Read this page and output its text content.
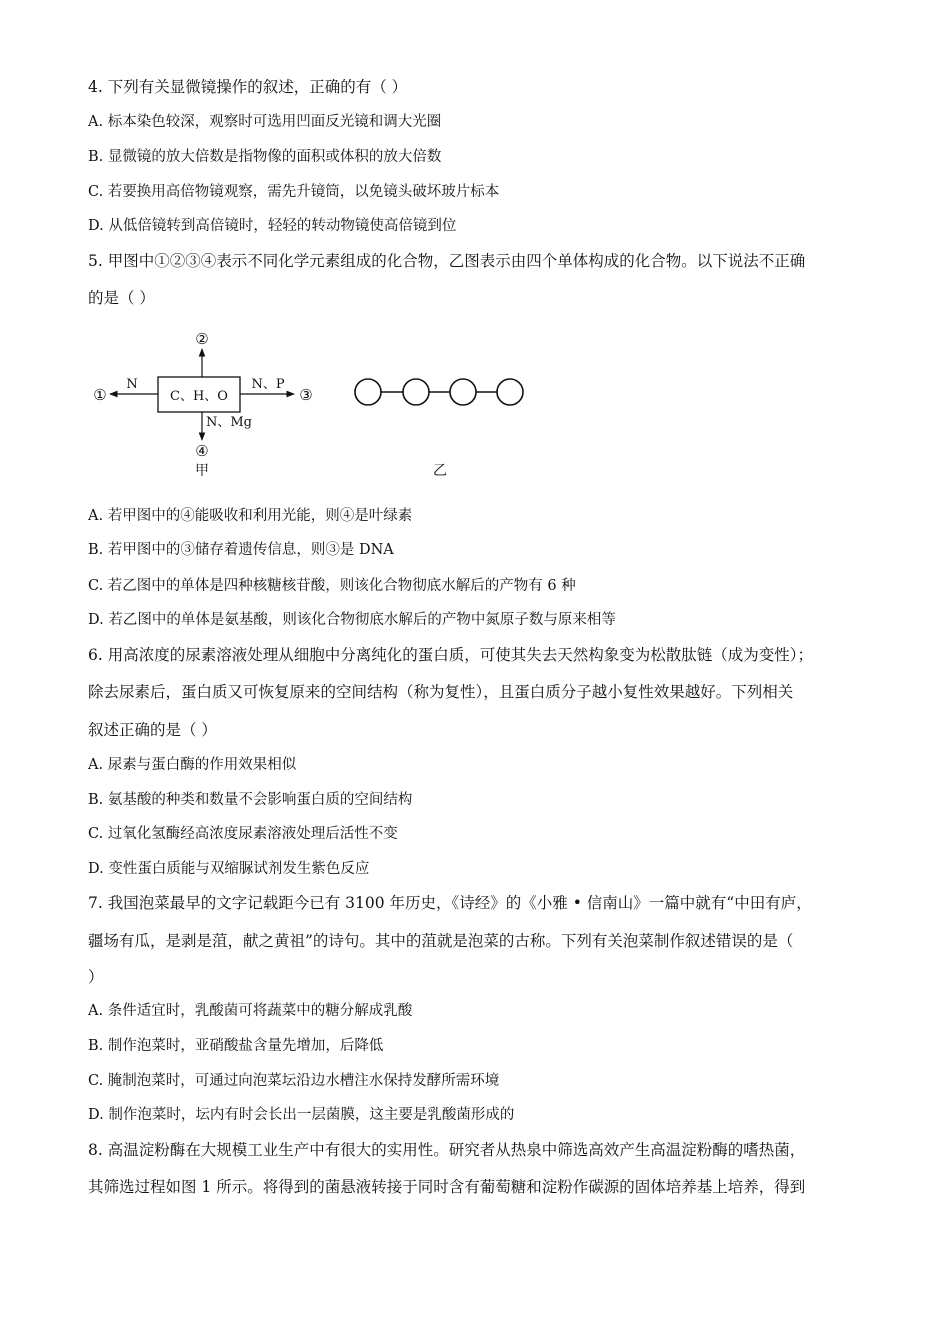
4. 下列有关显微镜操作的叙述，正确的有（ ）
A. 标本染色较深，观察时可选用凹面反光镜和调大光圈
B. 显微镜的放大倍数是指物像的面积或体积的放大倍数
C. 若要换用高倍物镜观察，需先升镜筒，以免镜头破坏玻片标本
D. 从低倍镜转到高倍镜时，轻轻的转动物镜使高倍镜到位
5. 甲图中①②③④表示不同化学元素组成的化合物，乙图表示由四个单体构成的化合物。以下说法不正确
的是（ ）
C、H、O
N
①
②
N、P
③
N、Mg
④
甲	乙
A. 若甲图中的④能吸收和利用光能，则④是叶绿素
B. 若甲图中的③储存着遗传信息，则③是 DNA
C. 若乙图中的单体是四种核糖核苷酸，则该化合物彻底水解后的产物有 6 种
D. 若乙图中的单体是氨基酸，则该化合物彻底水解后的产物中氮原子数与原来相等
6. 用高浓度的尿素溶液处理从细胞中分离纯化的蛋白质，可使其失去天然构象变为松散肽链（成为变性）；
除去尿素后，蛋白质又可恢复原来的空间结构（称为复性），且蛋白质分子越小复性效果越好。下列相关
叙述正确的是（ ）
A. 尿素与蛋白酶的作用效果相似
B. 氨基酸的种类和数量不会影响蛋白质的空间结构
C. 过氧化氢酶经高浓度尿素溶液处理后活性不变
D. 变性蛋白质能与双缩脲试剂发生紫色反应
7. 我国泡菜最早的文字记载距今已有 3100 年历史，《诗经》的《小雅 • 信南山》一篇中就有“中田有庐，
疆场有瓜，是剥是菹，献之黄祖”的诗句。其中的菹就是泡菜的古称。下列有关泡菜制作叙述错误的是（
）
A. 条件适宜时，乳酸菌可将蔬菜中的糖分解成乳酸
B. 制作泡菜时，亚硝酸盐含量先增加，后降低
C. 腌制泡菜时，可通过向泡菜坛沿边水槽注水保持发酵所需环境
D. 制作泡菜时，坛内有时会长出一层菌膜，这主要是乳酸菌形成的
8. 高温淀粉酶在大规模工业生产中有很大的实用性。研究者从热泉中筛选高效产生高温淀粉酶的嗜热菌，
其筛选过程如图 1 所示。将得到的菌悬液转接于同时含有葡萄糖和淀粉作碳源的固体培养基上培养，得到
